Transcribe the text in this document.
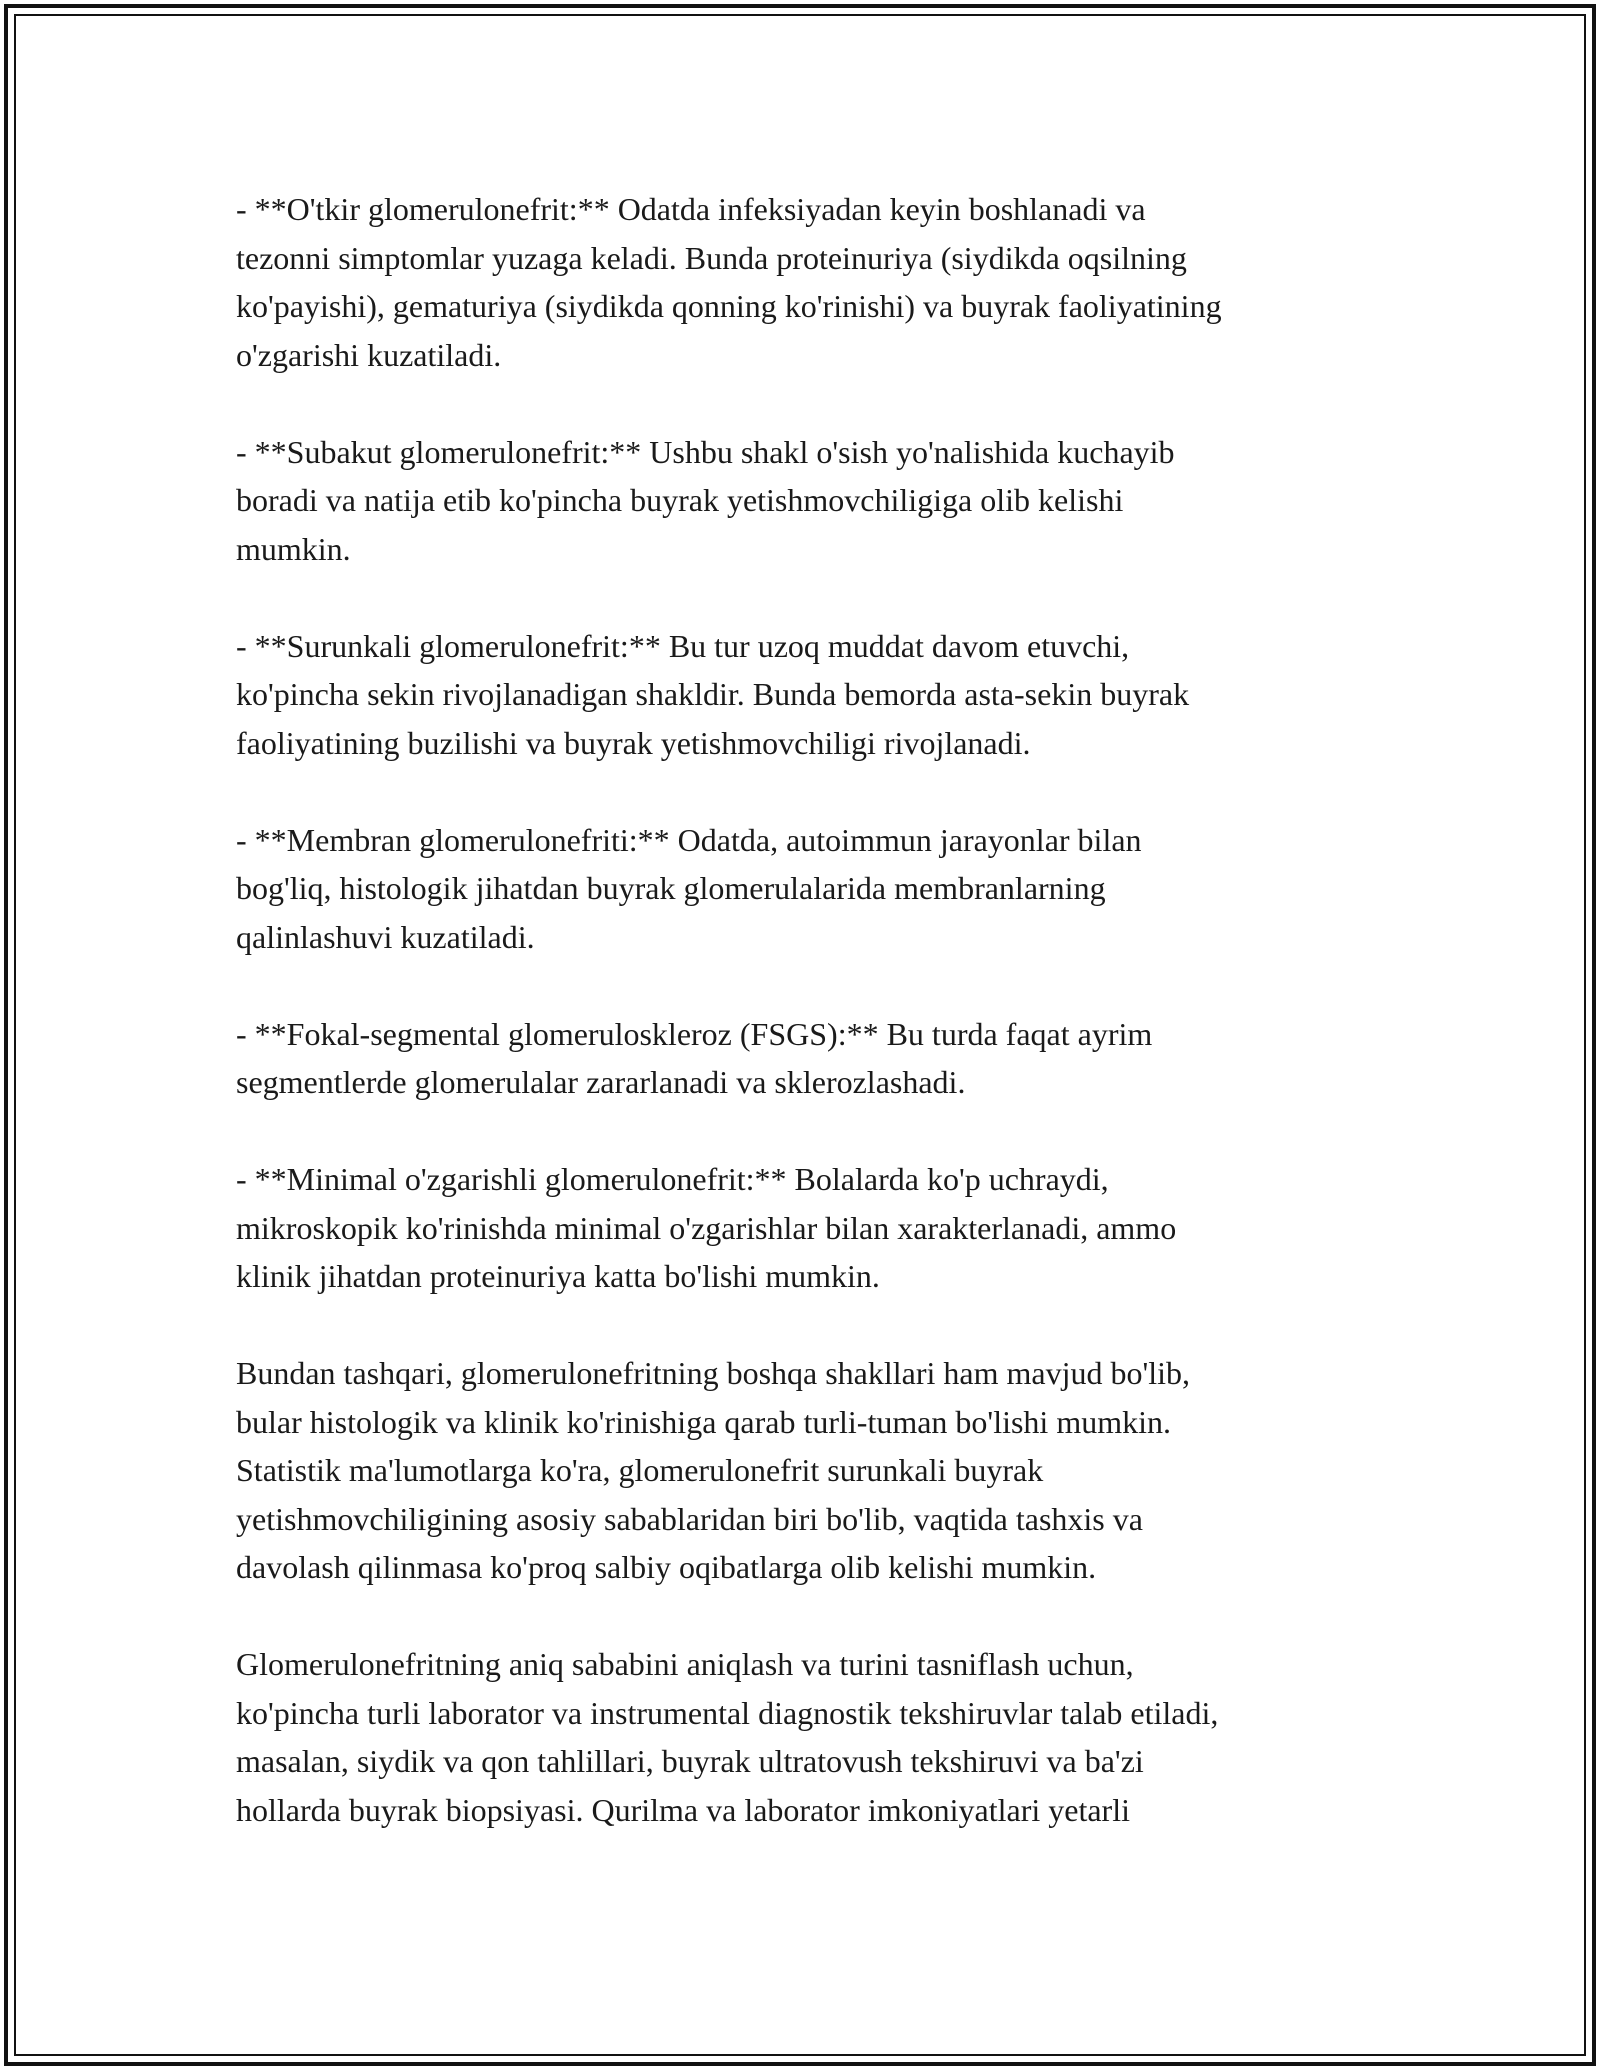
- **O'tkir glomerulonefrit:** Odatda infeksiyadan keyin boshlanadi va
tezonni simptomlar yuzaga keladi. Bunda proteinuriya (siydikda oqsilning
ko'payishi), gematuriya (siydikda qonning ko'rinishi) va buyrak faoliyatining
o'zgarishi kuzatiladi.

- **Subakut glomerulonefrit:** Ushbu shakl o'sish yo'nalishida kuchayib
boradi va natija etib ko'pincha buyrak yetishmovchiligiga olib kelishi
mumkin.

- **Surunkali glomerulonefrit:** Bu tur uzoq muddat davom etuvchi,
ko'pincha sekin rivojlanadigan shakldir. Bunda bemorda asta-sekin buyrak
faoliyatining buzilishi va buyrak yetishmovchiligi rivojlanadi.

- **Membran glomerulonefriti:** Odatda, autoimmun jarayonlar bilan
bog'liq, histologik jihatdan buyrak glomerulalarida membranlarning
qalinlashuvi kuzatiladi.

- **Fokal-segmental glomeruloskleroz (FSGS):** Bu turda faqat ayrim
segmentlerde glomerulalar zararlanadi va sklerozlashadi.

- **Minimal o'zgarishli glomerulonefrit:** Bolalarda ko'p uchraydi,
mikroskopik ko'rinishda minimal o'zgarishlar bilan xarakterlanadi, ammo
klinik jihatdan proteinuriya katta bo'lishi mumkin.

Bundan tashqari, glomerulonefritning boshqa shakllari ham mavjud bo'lib,
bular histologik va klinik ko'rinishiga qarab turli-tuman bo'lishi mumkin.
Statistik ma'lumotlarga ko'ra, glomerulonefrit surunkali buyrak
yetishmovchiligining asosiy sabablaridan biri bo'lib, vaqtida tashxis va
davolash qilinmasa ko'proq salbiy oqibatlarga olib kelishi mumkin.

Glomerulonefritning aniq sababini aniqlash va turini tasniflash uchun,
ko'pincha turli laborator va instrumental diagnostik tekshiruvlar talab etiladi,
masalan, siydik va qon tahlillari, buyrak ultratovush tekshiruvi va ba'zi
hollarda buyrak biopsiyasi. Qurilma va laborator imkoniyatlari yetarli
